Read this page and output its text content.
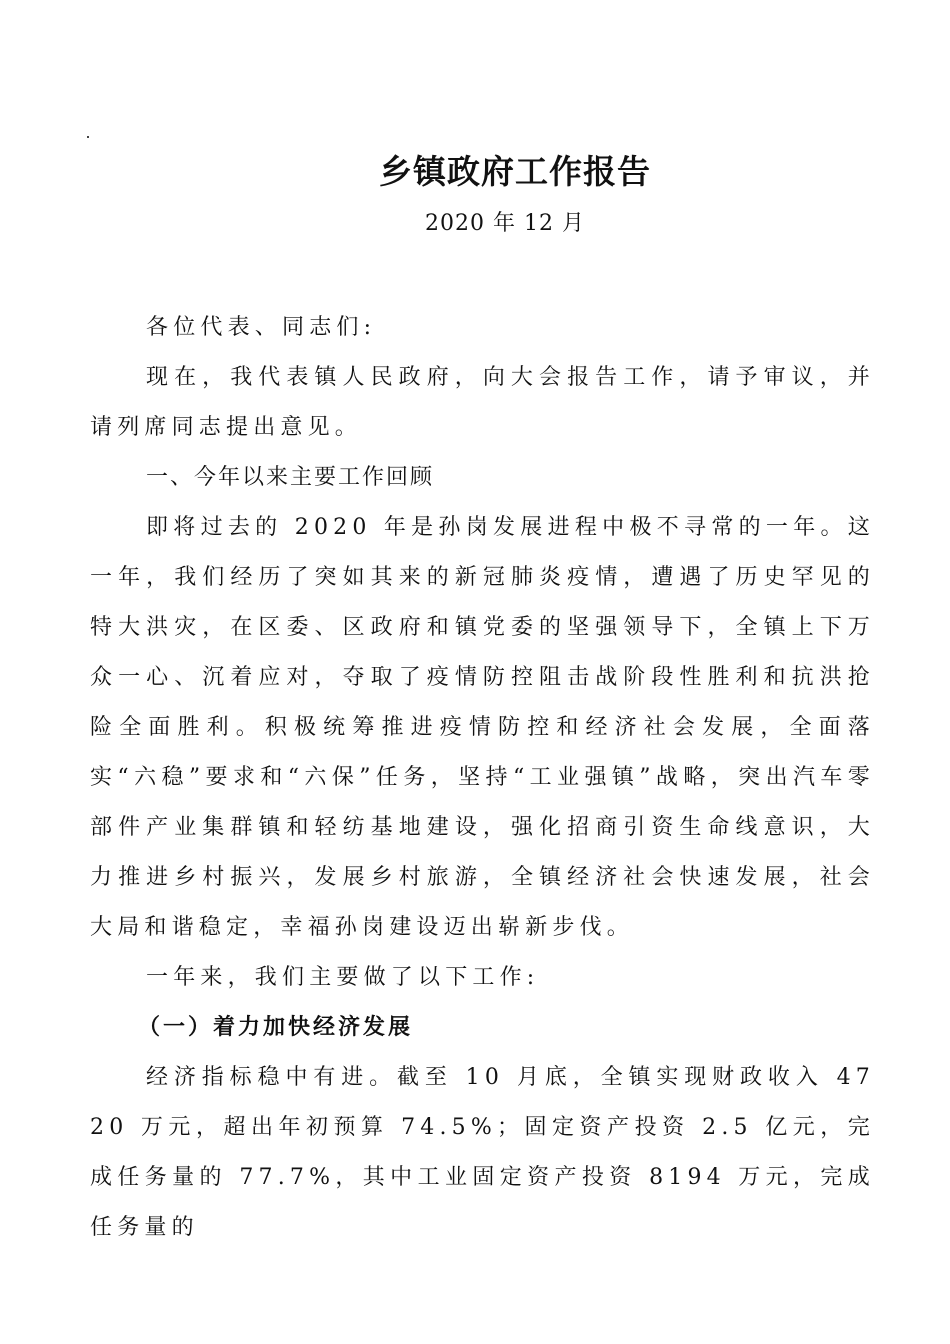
乡镇政府工作报告
2020 年 12 月

各位代表、同志们:

现在，我代表镇人民政府，向大会报告工作，请予审议，并请列席同志提出意见。

一、今年以来主要工作回顾

即将过去的 2020 年是孙岗发展进程中极不寻常的一年。这一年，我们经历了突如其来的新冠肺炎疫情，遭遇了历史罕见的特大洪灾，在区委、区政府和镇党委的坚强领导下，全镇上下万众一心、沉着应对，夺取了疫情防控阻击战阶段性胜利和抗洪抢险全面胜利。积极统筹推进疫情防控和经济社会发展，全面落实“六稳”要求和“六保”任务，坚持“工业强镇”战略，突出汽车零部件产业集群镇和轻纺基地建设，强化招商引资生命线意识，大力推进乡村振兴，发展乡村旅游，全镇经济社会快速发展，社会大局和谐稳定，幸福孙岗建设迈出崭新步伐。

一年来，我们主要做了以下工作:

（一）着力加快经济发展

经济指标稳中有进。截至 10 月底，全镇实现财政收入 4720 万元，超出年初预算 74.5%；固定资产投资 2.5 亿元，完成任务量的 77.7%，其中工业固定资产投资 8194 万元，完成任务量的
